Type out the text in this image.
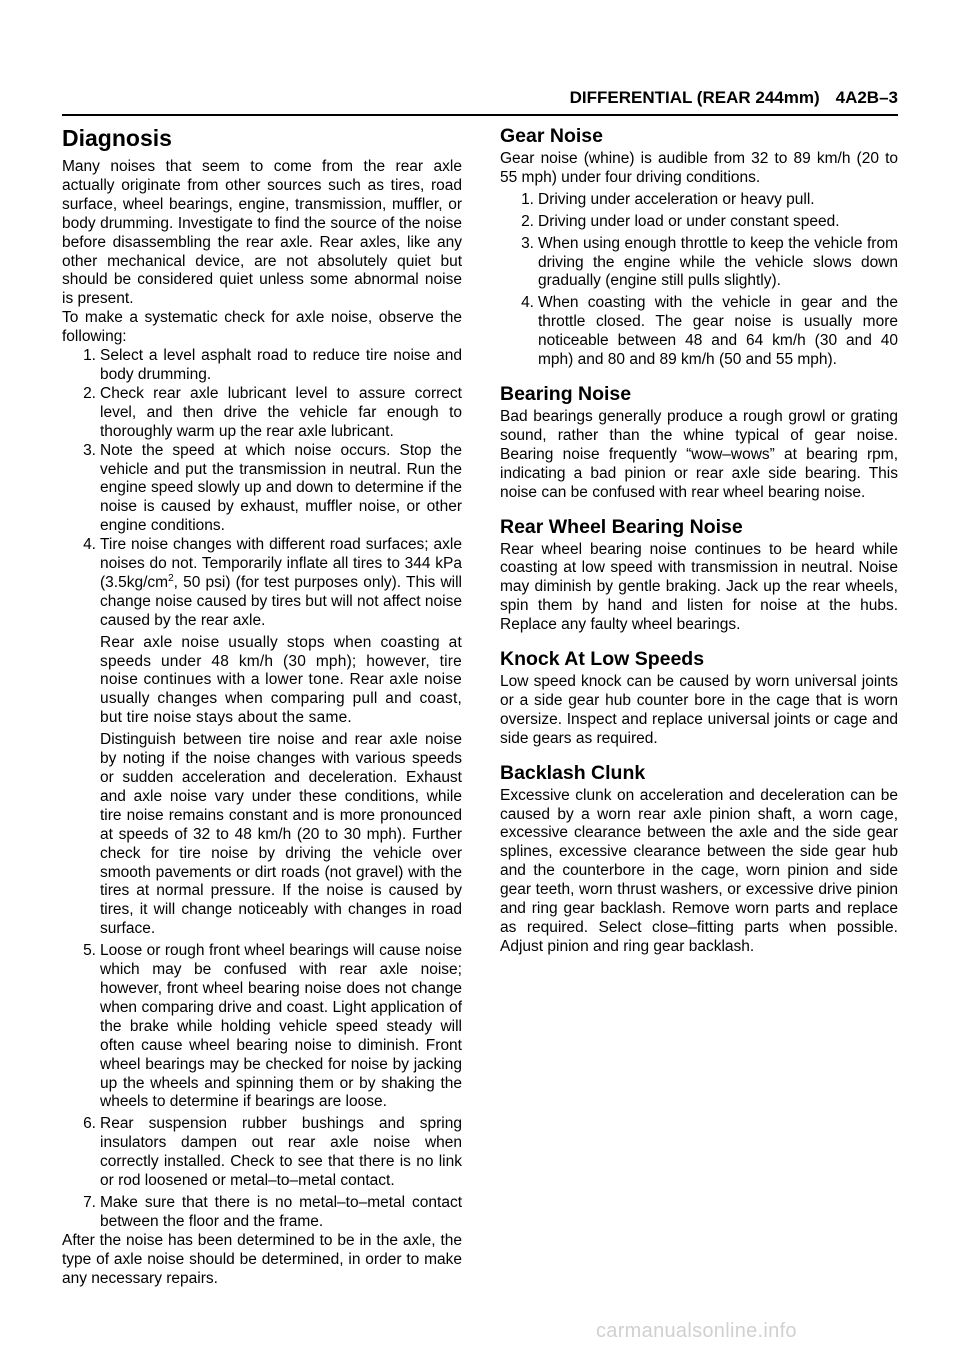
DIFFERENTIAL (REAR 244mm) 4A2B–3
Diagnosis

Many noises that seem to come from the rear axle actually originate from other sources such as tires, road surface, wheel bearings, engine, transmission, muffler, or body drumming. Investigate to find the source of the noise before disassembling the rear axle. Rear axles, like any other mechanical device, are not absolutely quiet but should be considered quiet unless some abnormal noise is present.

To make a systematic check for axle noise, observe the following:

1. Select a level asphalt road to reduce tire noise and body drumming.
2. Check rear axle lubricant level to assure correct level, and then drive the vehicle far enough to thoroughly warm up the rear axle lubricant.
3. Note the speed at which noise occurs. Stop the vehicle and put the transmission in neutral. Run the engine speed slowly up and down to determine if the noise is caused by exhaust, muffler noise, or other engine conditions.
4. Tire noise changes with different road surfaces; axle noises do not. Temporarily inflate all tires to 344 kPa ($3.5kg/cm^2$, 50 psi) (for test purposes only). This will change noise caused by tires but will not affect noise caused by the rear axle.
Rear axle noise usually stops when coasting at speeds under 48 km/h (30 mph); however, tire noise continues with a lower tone. Rear axle noise usually changes when comparing pull and coast, but tire noise stays about the same.
Distinguish between tire noise and rear axle noise by noting if the noise changes with various speeds or sudden acceleration and deceleration. Exhaust and axle noise vary under these conditions, while tire noise remains constant and is more pronounced at speeds of 32 to 48 km/h (20 to 30 mph). Further check for tire noise by driving the vehicle over smooth pavements or dirt roads (not gravel) with the tires at normal pressure. If the noise is caused by tires, it will change noticeably with changes in road surface.
5. Loose or rough front wheel bearings will cause noise which may be confused with rear axle noise; however, front wheel bearing noise does not change when comparing drive and coast. Light application of the brake while holding vehicle speed steady will often cause wheel bearing noise to diminish. Front wheel bearings may be checked for noise by jacking up the wheels and spinning them or by shaking the wheels to determine if bearings are loose.
6. Rear suspension rubber bushings and spring insulators dampen out rear axle noise when correctly installed. Check to see that there is no link or rod loosened or metal–to–metal contact.
7. Make sure that there is no metal–to–metal contact between the floor and the frame.

After the noise has been determined to be in the axle, the type of axle noise should be determined, in order to make any necessary repairs.

Gear Noise

Gear noise (whine) is audible from 32 to 89 km/h (20 to 55 mph) under four driving conditions.

1. Driving under acceleration or heavy pull.
2. Driving under load or under constant speed.
3. When using enough throttle to keep the vehicle from driving the engine while the vehicle slows down gradually (engine still pulls slightly).
4. When coasting with the vehicle in gear and the throttle closed. The gear noise is usually more noticeable between 48 and 64 km/h (30 and 40 mph) and 80 and 89 km/h (50 and 55 mph).
Bearing Noise

Bad bearings generally produce a rough growl or grating sound, rather than the whine typical of gear noise. Bearing noise frequently “wow–wows” at bearing rpm, indicating a bad pinion or rear axle side bearing. This noise can be confused with rear wheel bearing noise.

Rear Wheel Bearing Noise

Rear wheel bearing noise continues to be heard while coasting at low speed with transmission in neutral. Noise may diminish by gentle braking. Jack up the rear wheels, spin them by hand and listen for noise at the hubs. Replace any faulty wheel bearings.

Knock At Low Speeds

Low speed knock can be caused by worn universal joints or a side gear hub counter bore in the cage that is worn oversize. Inspect and replace universal joints or cage and side gears as required.

Backlash Clunk

Excessive clunk on acceleration and deceleration can be caused by a worn rear axle pinion shaft, a worn cage, excessive clearance between the axle and the side gear splines, excessive clearance between the side gear hub and the counterbore in the cage, worn pinion and side gear teeth, worn thrust washers, or excessive drive pinion and ring gear backlash. Remove worn parts and replace as required. Select close–fitting parts when possible. Adjust pinion and ring gear backlash.

carmanualsonline.info
